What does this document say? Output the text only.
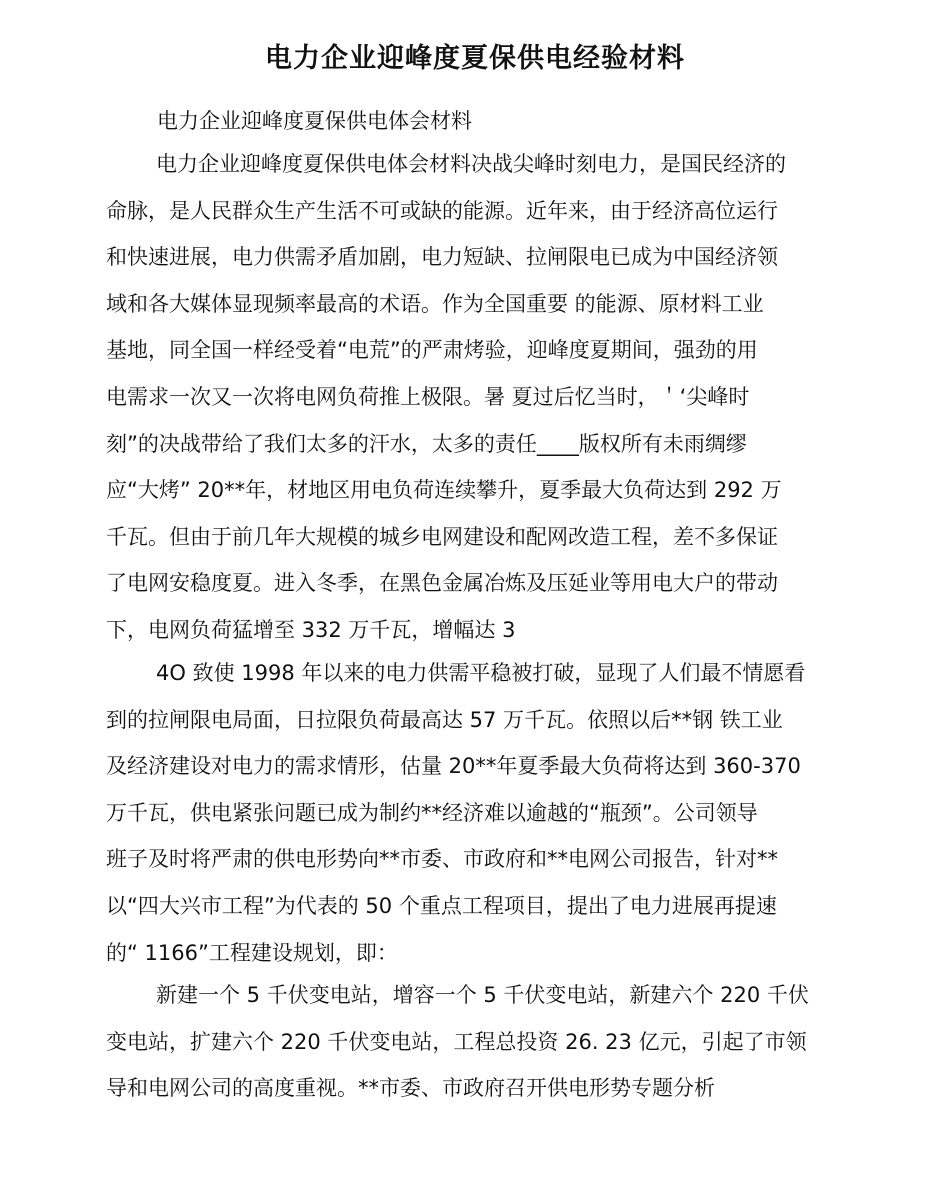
电力企业迎峰度夏保供电经验材料
电力企业迎峰度夏保供电体会材料
电力企业迎峰度夏保供电体会材料决战尖峰时刻电力，是国民经济的
命脉，是人民群众生产生活不可或缺的能源。近年来，由于经济高位运行
和快速进展，电力供需矛盾加剧，电力短缺、拉闸限电已成为中国经济领
域和各大媒体显现频率最高的术语。作为全国重要 的能源、原材料工业
基地，同全国一样经受着“电荒”的严肃烤验，迎峰度夏期间，强劲的用
电需求一次又一次将电网负荷推上极限。暑 夏过后忆当时，＇‘尖峰时
刻”的决战带给了我们太多的汗水，太多的责任____版权所有未雨绸缪
应“大烤” 20**年，材地区用电负荷连续攀升，夏季最大负荷达到 292 万
千瓦。但由于前几年大规模的城乡电网建设和配网改造工程，差不多保证
了电网安稳度夏。进入冬季，在黑色金属冶炼及压延业等用电大户的带动
下，电网负荷猛增至 332 万千瓦，增幅达 3
4O 致使 1998 年以来的电力供需平稳被打破，显现了人们最不情愿看
到的拉闸限电局面，日拉限负荷最高达 57 万千瓦。依照以后**钢 铁工业
及经济建设对电力的需求情形，估量 20**年夏季最大负荷将达到 360-370
万千瓦，供电紧张问题已成为制约**经济难以逾越的“瓶颈”。公司领导
班子及时将严肃的供电形势向**市委、市政府和**电网公司报告，针对**
以“四大兴市工程”为代表的 50 个重点工程项目，提出了电力进展再提速
的“ 1166”工程建设规划，即：
新建一个 5 千伏变电站，增容一个 5 千伏变电站，新建六个 220 千伏
变电站，扩建六个 220 千伏变电站，工程总投资 26. 23 亿元，引起了市领
导和电网公司的高度重视。**市委、市政府召开供电形势专题分析
